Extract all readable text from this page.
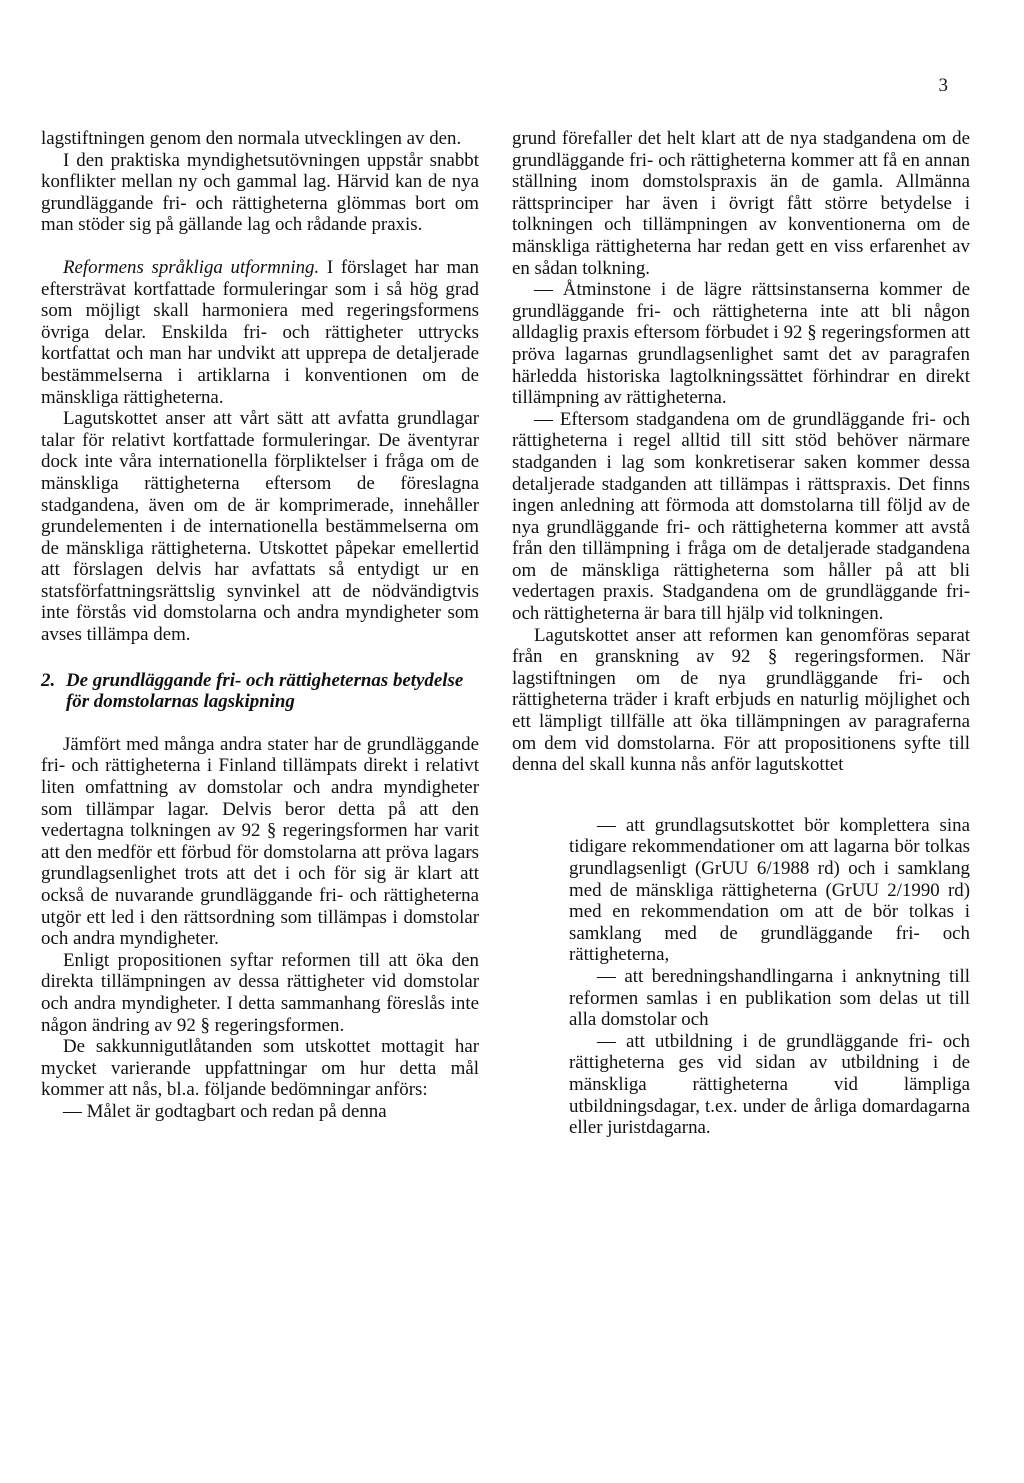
3

lagstiftningen genom den normala utvecklingen av den.

I den praktiska myndighetsutövningen uppstår snabbt konflikter mellan ny och gammal lag. Härvid kan de nya grundläggande fri- och rättigheterna glömmas bort om man stöder sig på gällande lag och rådande praxis.

Reformens språkliga utformning. I förslaget har man eftersträvat kortfattade formuleringar som i så hög grad som möjligt skall harmoniera med regeringsformens övriga delar. Enskilda fri- och rättigheter uttrycks kortfattat och man har undvikt att upprepa de detaljerade bestämmelserna i artiklarna i konventionen om de mänskliga rättigheterna.

Lagutskottet anser att vårt sätt att avfatta grundlagar talar för relativt kortfattade formuleringar. De äventyrar dock inte våra internationella förpliktelser i fråga om de mänskliga rättigheterna eftersom de föreslagna stadgandena, även om de är komprimerade, innehåller grundelementen i de internationella bestämmelserna om de mänskliga rättigheterna. Utskottet påpekar emellertid att förslagen delvis har avfattats så entydigt ur en statsförfattningsrättslig synvinkel att de nödvändigtvis inte förstås vid domstolarna och andra myndigheter som avses tillämpa dem.

2. De grundläggande fri- och rättigheternas betydelse för domstolarnas lagskipning

Jämfört med många andra stater har de grundläggande fri- och rättigheterna i Finland tillämpats direkt i relativt liten omfattning av domstolar och andra myndigheter som tillämpar lagar. Delvis beror detta på att den vedertagna tolkningen av 92 § regeringsformen har varit att den medför ett förbud för domstolarna att pröva lagars grundlagsenlighet trots att det i och för sig är klart att också de nuvarande grundläggande fri- och rättigheterna utgör ett led i den rättsordning som tillämpas i domstolar och andra myndigheter.

Enligt propositionen syftar reformen till att öka den direkta tillämpningen av dessa rättigheter vid domstolar och andra myndigheter. I detta sammanhang föreslås inte någon ändring av 92 § regeringsformen.

De sakkunnigutlåtanden som utskottet mottagit har mycket varierande uppfattningar om hur detta mål kommer att nås, bl.a. följande bedömningar anförs:

— Målet är godtagbart och redan på denna

grund förefaller det helt klart att de nya stadgandena om de grundläggande fri- och rättigheterna kommer att få en annan ställning inom domstolspraxis än de gamla. Allmänna rättsprinciper har även i övrigt fått större betydelse i tolkningen och tillämpningen av konventionerna om de mänskliga rättigheterna har redan gett en viss erfarenhet av en sådan tolkning.

— Åtminstone i de lägre rättsinstanserna kommer de grundläggande fri- och rättigheterna inte att bli någon alldaglig praxis eftersom förbudet i 92 § regeringsformen att pröva lagarnas grundlagsenlighet samt det av paragrafen härledda historiska lagtolkningssättet förhindrar en direkt tillämpning av rättigheterna.

— Eftersom stadgandena om de grundläggande fri- och rättigheterna i regel alltid till sitt stöd behöver närmare stadganden i lag som konkretiserar saken kommer dessa detaljerade stadganden att tillämpas i rättspraxis. Det finns ingen anledning att förmoda att domstolarna till följd av de nya grundläggande fri- och rättigheterna kommer att avstå från den tillämpning i fråga om de detaljerade stadgandena om de mänskliga rättigheterna som håller på att bli vedertagen praxis. Stadgandena om de grundläggande fri- och rättigheterna är bara till hjälp vid tolkningen.

Lagutskottet anser att reformen kan genomföras separat från en granskning av 92 § regeringsformen. När lagstiftningen om de nya grundläggande fri- och rättigheterna träder i kraft erbjuds en naturlig möjlighet och ett lämpligt tillfälle att öka tillämpningen av paragraferna om dem vid domstolarna. För att propositionens syfte till denna del skall kunna nås anför lagutskottet

— att grundlagsutskottet bör komplettera sina tidigare rekommendationer om att lagarna bör tolkas grundlagsenligt (GrUU 6/1988 rd) och i samklang med de mänskliga rättigheterna (GrUU 2/1990 rd) med en rekommendation om att de bör tolkas i samklang med de grundläggande fri- och rättigheterna,

— att beredningshandlingarna i anknytning till reformen samlas i en publikation som delas ut till alla domstolar och

— att utbildning i de grundläggande fri- och rättigheterna ges vid sidan av utbildning i de mänskliga rättigheterna vid lämpliga utbildningsdagar, t.ex. under de årliga domardagarna eller juristdagarna.
